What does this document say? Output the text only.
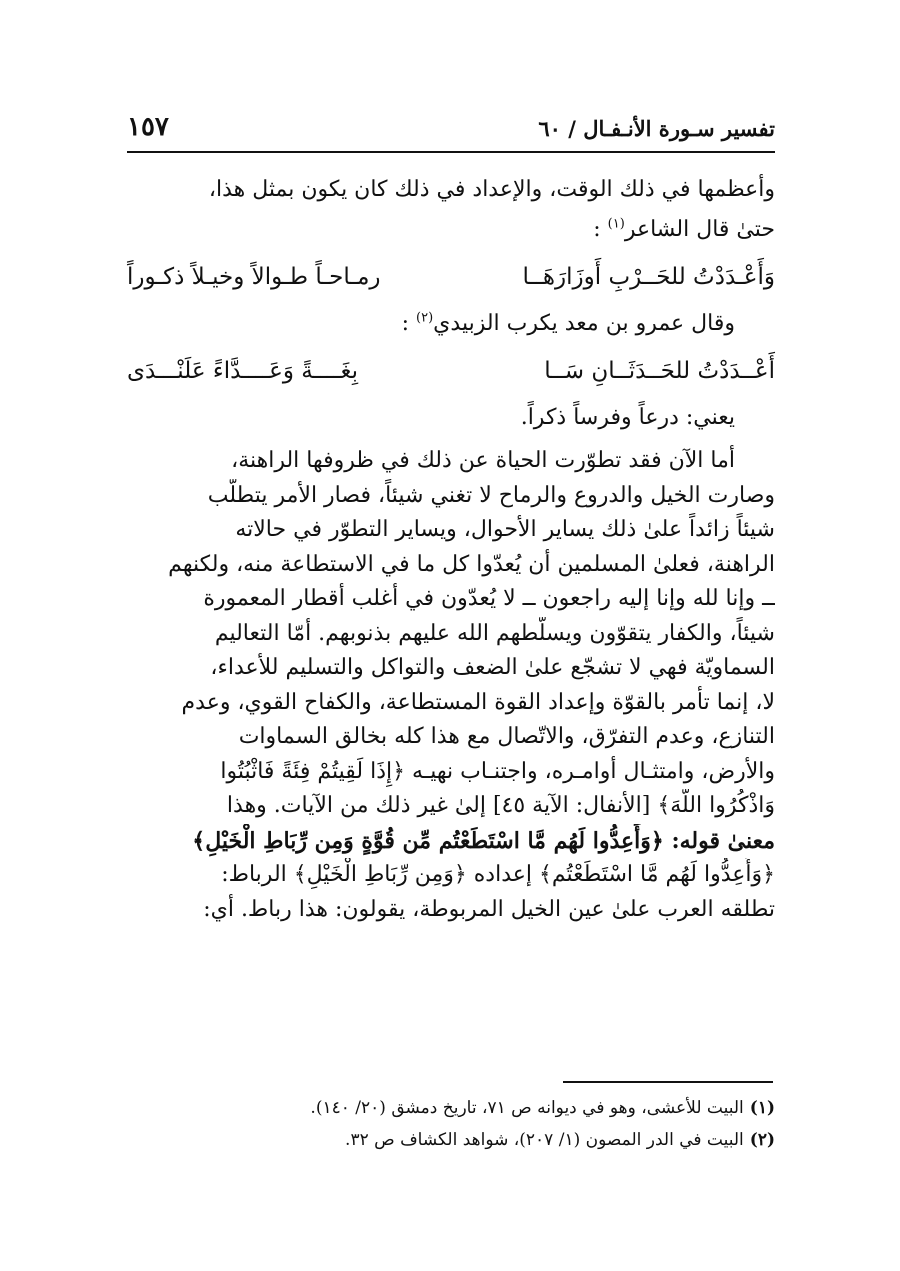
تفسير سـورة الأنـفـال / ٦٠
١٥٧
وأعظمها في ذلك الوقت، والإعداد في ذلك كان يكون بمثل هذا،
حتىٰ قال الشاعر$^{(١)}$ :
وَأَعْـدَدْتُ للحَــرْبِ أَوزَارَهَــا
رمـاحـاً طـوالاً وخيـلاً ذكـوراً
وقال عمرو بن معد يكرب الزبيدي$^{(٢)}$ :
أَعْــدَدْتُ للحَــدَثَــانِ سَــا
بِغَــــةً وَعَــــدَّاءً عَلَنْـــدَى
يعني: درعاً وفرساً ذكراً.
أما الآن فقد تطوّرت الحياة عن ذلك في ظروفها الراهنة،
وصارت الخيل والدروع والرماح لا تغني شيئاً، فصار الأمر يتطلّب
شيئاً زائداً علىٰ ذلك يساير الأحوال، ويساير التطوّر في حالاته
الراهنة، فعلىٰ المسلمين أن يُعدّوا كل ما في الاستطاعة منه، ولكنهم
ــ وإنا لله وإنا إليه راجعون ــ لا يُعدّون في أغلب أقطار المعمورة
شيئاً، والكفار يتقوّون ويسلّطهم الله عليهم بذنوبهم. أمّا التعاليم
السماويّة فهي لا تشجّع علىٰ الضعف والتواكل والتسليم للأعداء،
لا، إنما تأمر بالقوّة وإعداد القوة المستطاعة، والكفاح القوي، وعدم
التنازع، وعدم التفرّق، والاتّصال مع هذا كله بخالق السماوات
والأرض، وامتثـال أوامـره، واجتنـاب نهيـه ﴿إِذَا لَقِيتُمْ فِئَةً فَاثْبُتُوا
وَاذْكُرُوا اللَّهَ﴾ [الأنفال: الآية ٤٥] إلىٰ غير ذلك من الآيات. وهذا
معنىٰ قوله: ﴿وَأَعِدُّوا لَهُم مَّا اسْتَطَعْتُم مِّن قُوَّةٍ وَمِن رِّبَاطِ الْخَيْلِ﴾
﴿وَأَعِدُّوا لَهُم مَّا اسْتَطَعْتُم﴾ إعداده ﴿وَمِن رِّبَاطِ الْخَيْلِ﴾ الرباط:
تطلقه العرب علىٰ عين الخيل المربوطة، يقولون: هذا رباط. أي:
(١)البيت للأعشى، وهو في ديوانه ص ٧١، تاريخ دمشق (٢٠/ ١٤٠).
(٢)البيت في الدر المصون (١/ ٢٠٧)، شواهد الكشاف ص ٣٢.
